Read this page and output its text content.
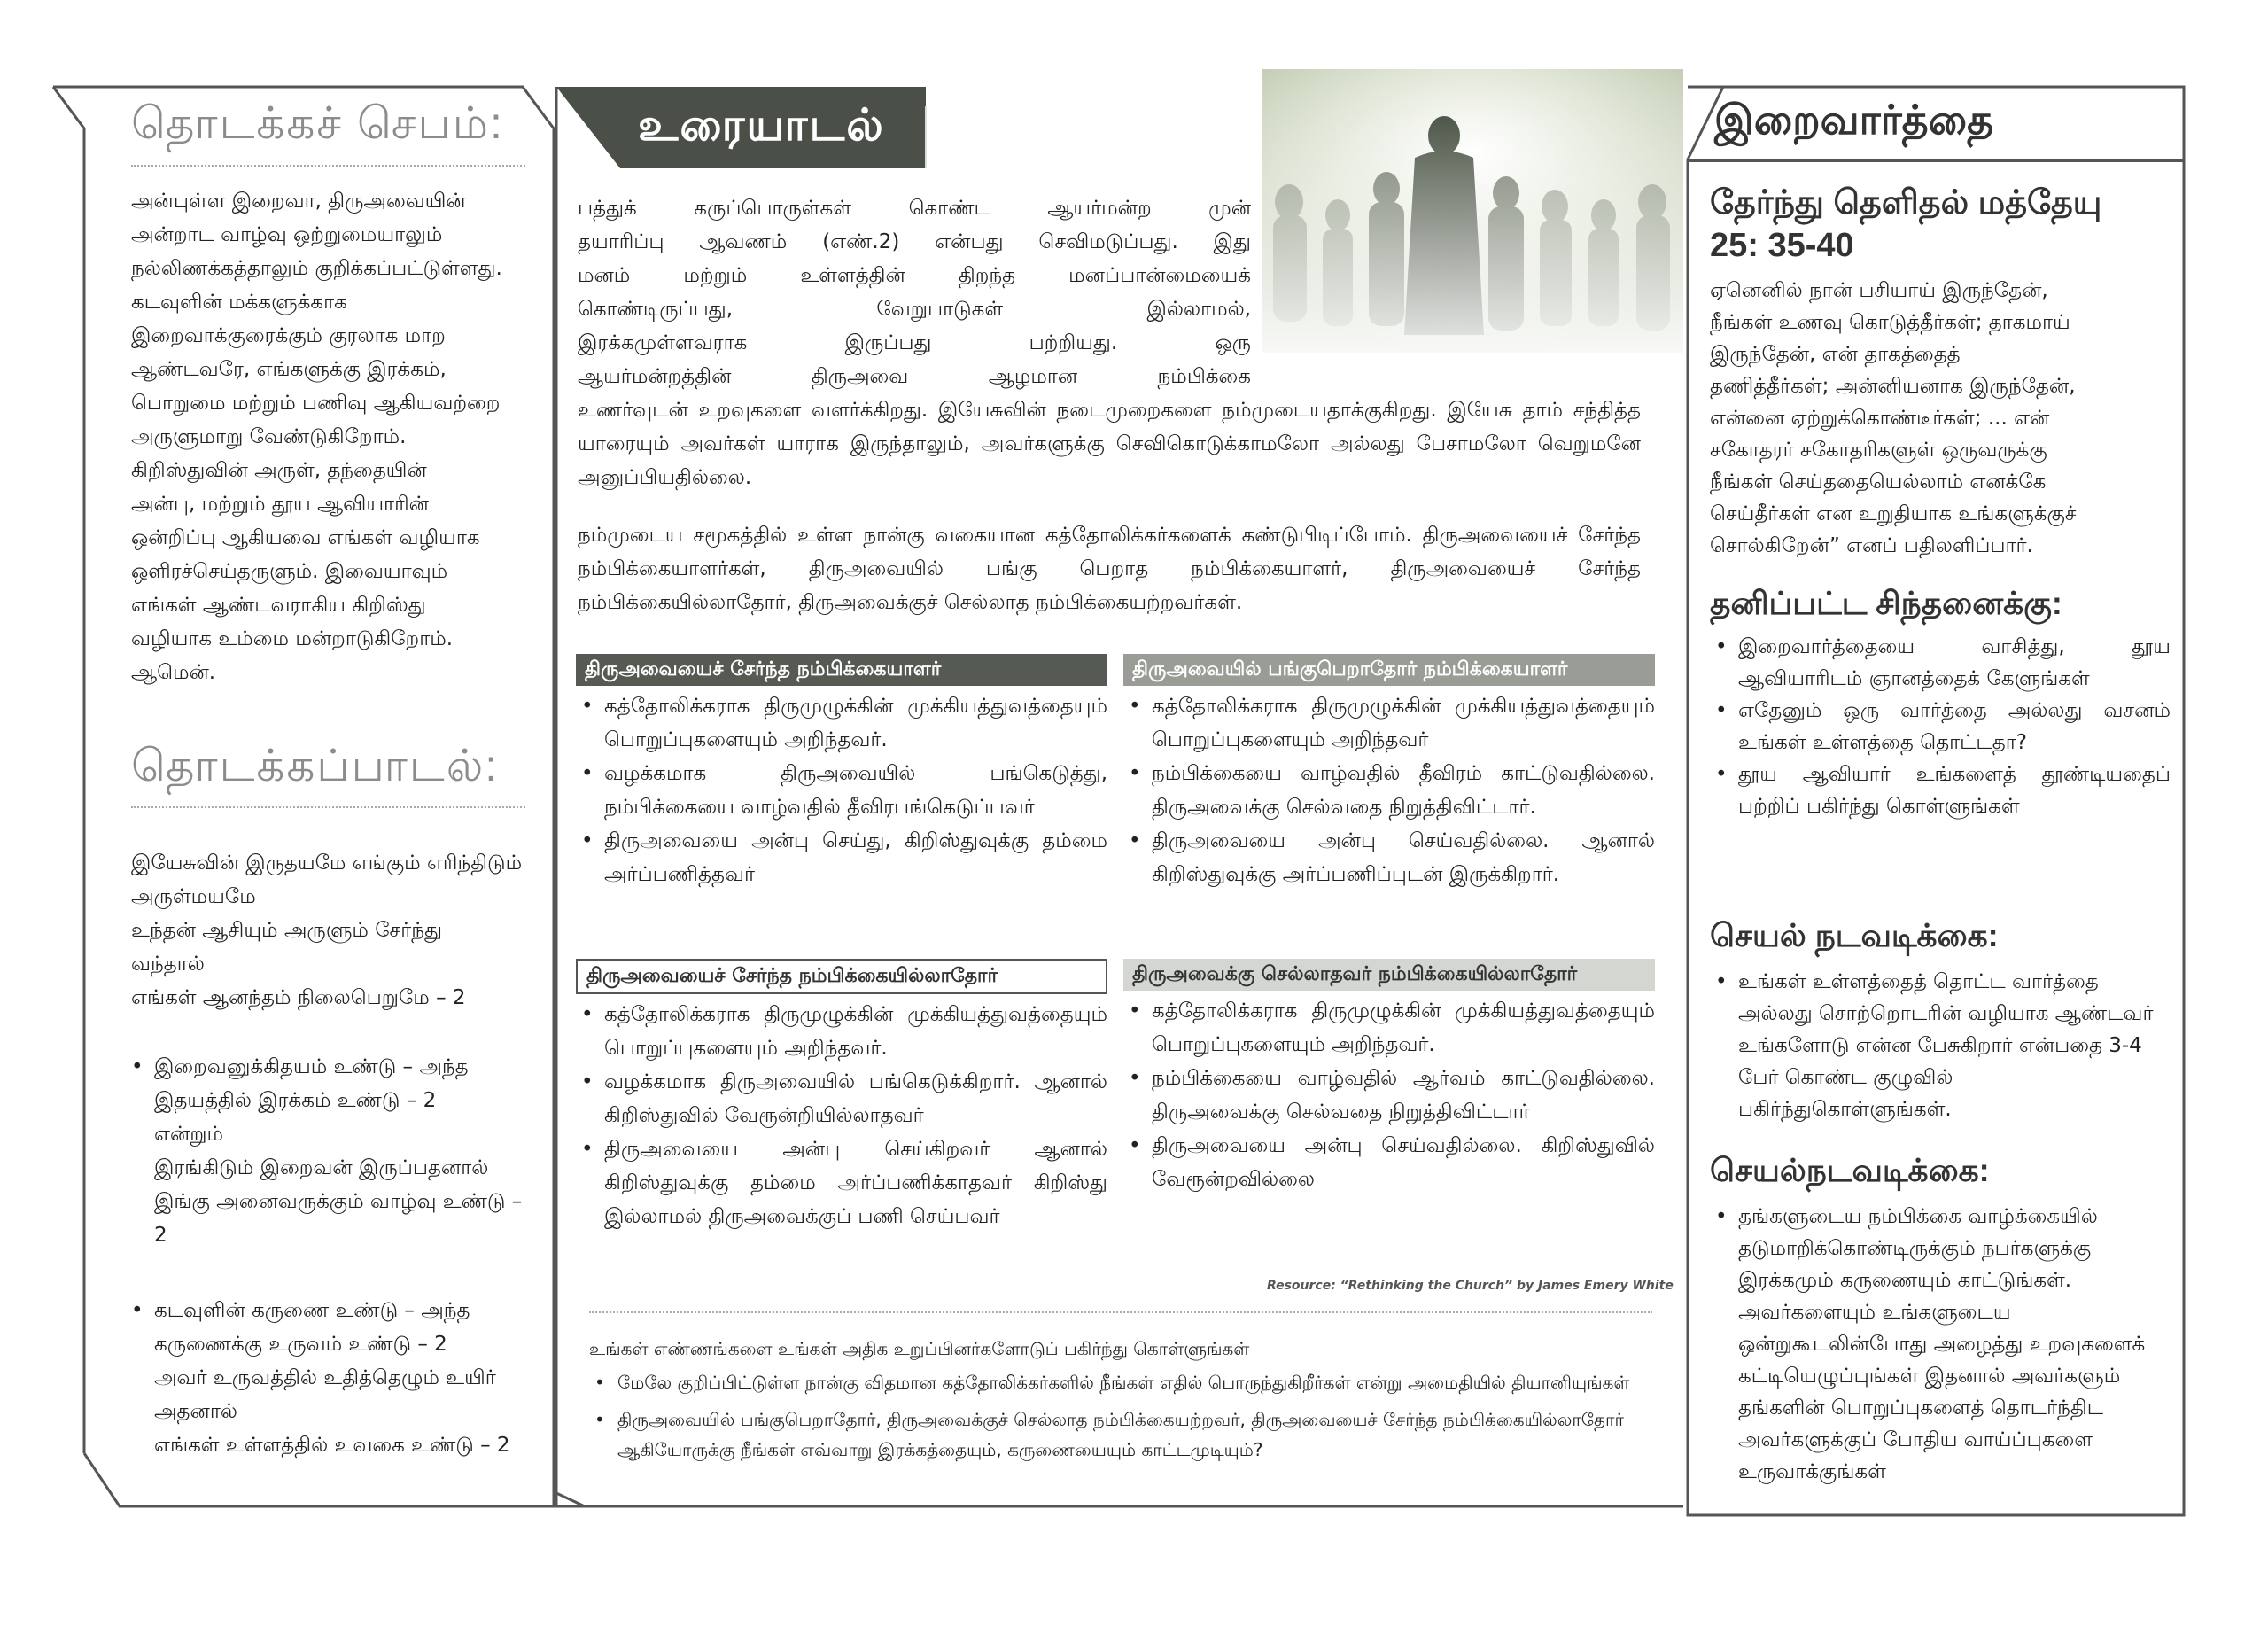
தொடக்கச் செபம்:
அன்புள்ள இறைவா, திருஅவையின்
அன்றாட வாழ்வு ஒற்றுமையாலும்
நல்லிணக்கத்தாலும் குறிக்கப்பட்டுள்ளது.
கடவுளின் மக்களுக்காக
இறைவாக்குரைக்கும் குரலாக மாற
ஆண்டவரே, எங்களுக்கு இரக்கம்,
பொறுமை மற்றும் பணிவு ஆகியவற்றை
அருளுமாறு வேண்டுகிறோம்.
கிறிஸ்துவின் அருள், தந்தையின்
அன்பு, மற்றும் தூய ஆவியாரின்
ஒன்றிப்பு ஆகியவை எங்கள் வழியாக
ஒளிரச்செய்தருளும். இவையாவும்
எங்கள் ஆண்டவராகிய கிறிஸ்து
வழியாக உம்மை மன்றாடுகிறோம்.
ஆமென்.
தொடக்கப்பாடல்:
இயேசுவின் இருதயமே எங்கும் எரிந்திடும்
அருள்மயமே
உந்தன் ஆசியும் அருளும் சேர்ந்து
வந்தால்
எங்கள் ஆனந்தம் நிலைபெறுமே – 2
• இறைவனுக்கிதயம் உண்டு – அந்த
இதயத்தில் இரக்கம் உண்டு – 2
என்றும்
இரங்கிடும் இறைவன் இருப்பதனால்
இங்கு அனைவருக்கும் வாழ்வு உண்டு –
2
• கடவுளின் கருணை உண்டு – அந்த
கருணைக்கு உருவம் உண்டு – 2
அவர் உருவத்தில் உதித்தெழும் உயிர்
அதனால்
எங்கள் உள்ளத்தில் உவகை உண்டு – 2
உரையாடல்
பத்துக் கருப்பொருள்கள் கொண்ட ஆயர்மன்ற முன்
தயாரிப்பு ஆவணம் (எண்.2) என்பது செவிமடுப்பது. இது
மனம் மற்றும் உள்ளத்தின் திறந்த மனப்பான்மையைக்
கொண்டிருப்பது, வேறுபாடுகள் இல்லாமல்,
இரக்கமுள்ளவராக இருப்பது பற்றியது. ஒரு
ஆயர்மன்றத்தின் திருஅவை ஆழமான நம்பிக்கை
உணர்வுடன் உறவுகளை வளர்க்கிறது. இயேசுவின் நடைமுறைகளை நம்முடையதாக்குகிறது. இயேசு தாம் சந்தித்த யாரையும் அவர்கள் யாராக இருந்தாலும், அவர்களுக்கு செவிகொடுக்காமலோ அல்லது பேசாமலோ வெறுமனே அனுப்பியதில்லை.
நம்முடைய சமூகத்தில் உள்ள நான்கு வகையான கத்தோலிக்கர்களைக் கண்டுபிடிப்போம். திருஅவையைச் சேர்ந்த நம்பிக்கையாளர்கள், திருஅவையில் பங்கு பெறாத நம்பிக்கையாளர், திருஅவையைச் சேர்ந்த நம்பிக்கையில்லாதோர், திருஅவைக்குச் செல்லாத நம்பிக்கையற்றவர்கள்.
திருஅவையைச் சேர்ந்த நம்பிக்கையாளர்
• கத்தோலிக்கராக திருமுழுக்கின் முக்கியத்துவத்தையும் பொறுப்புகளையும் அறிந்தவர்.
• வழக்கமாக திருஅவையில் பங்கெடுத்து, நம்பிக்கையை வாழ்வதில் தீவிரபங்கெடுப்பவர்
• திருஅவையை அன்பு செய்து, கிறிஸ்துவுக்கு தம்மை அர்ப்பணித்தவர்
திருஅவையில் பங்குபெறாதோர் நம்பிக்கையாளர்
• கத்தோலிக்கராக திருமுழுக்கின் முக்கியத்துவத்தையும் பொறுப்புகளையும் அறிந்தவர்
• நம்பிக்கையை வாழ்வதில் தீவிரம் காட்டுவதில்லை. திருஅவைக்கு செல்வதை நிறுத்திவிட்டார்.
• திருஅவையை அன்பு செய்வதில்லை. ஆனால் கிறிஸ்துவுக்கு அர்ப்பணிப்புடன் இருக்கிறார்.
திருஅவையைச் சேர்ந்த நம்பிக்கையில்லாதோர்
• கத்தோலிக்கராக திருமுழுக்கின் முக்கியத்துவத்தையும் பொறுப்புகளையும் அறிந்தவர்.
• வழக்கமாக திருஅவையில் பங்கெடுக்கிறார். ஆனால் கிறிஸ்துவில் வேரூன்றியில்லாதவர்
• திருஅவையை அன்பு செய்கிறவர் ஆனால் கிறிஸ்துவுக்கு தம்மை அர்ப்பணிக்காதவர் கிறிஸ்து இல்லாமல் திருஅவைக்குப் பணி செய்பவர்
திருஅவைக்கு செல்லாதவர் நம்பிக்கையில்லாதோர்
• கத்தோலிக்கராக திருமுழுக்கின் முக்கியத்துவத்தையும் பொறுப்புகளையும் அறிந்தவர்.
• நம்பிக்கையை வாழ்வதில் ஆர்வம் காட்டுவதில்லை. திருஅவைக்கு செல்வதை நிறுத்திவிட்டார்
• திருஅவையை அன்பு செய்வதில்லை. கிறிஸ்துவில் வேரூன்றவில்லை
Resource: “Rethinking the Church” by James Emery White
உங்கள் எண்ணங்களை உங்கள் அதிக உறுப்பினர்களோடுப் பகிர்ந்து கொள்ளுங்கள்
• மேலே குறிப்பிட்டுள்ள நான்கு விதமான கத்தோலிக்கர்களில் நீங்கள் எதில் பொருந்துகிறீர்கள் என்று அமைதியில் தியானியுங்கள்
• திருஅவையில் பங்குபெறாதோர், திருஅவைக்குச் செல்லாத நம்பிக்கையற்றவர், திருஅவையைச் சேர்ந்த நம்பிக்கையில்லாதோர் ஆகியோருக்கு நீங்கள் எவ்வாறு இரக்கத்தையும், கருணையையும் காட்டமுடியும்?
இறைவார்த்தை
தேர்ந்து தெளிதல் மத்தேயு
25: 35-40
ஏனெனில் நான் பசியாய் இருந்தேன்,
நீங்கள் உணவு கொடுத்தீர்கள்; தாகமாய்
இருந்தேன், என் தாகத்தைத்
தணித்தீர்கள்; அன்னியனாக இருந்தேன்,
என்னை ஏற்றுக்கொண்டீர்கள்; ... என்
சகோதரர் சகோதரிகளுள் ஒருவருக்கு
நீங்கள் செய்ததையெல்லாம் எனக்கே
செய்தீர்கள் என உறுதியாக உங்களுக்குச்
சொல்கிறேன்” எனப் பதிலளிப்பார்.
தனிப்பட்ட சிந்தனைக்கு:
• இறைவார்த்தையை வாசித்து, தூய ஆவியாரிடம் ஞானத்தைக் கேளுங்கள்
• எதேனும் ஒரு வார்த்தை அல்லது வசனம் உங்கள் உள்ளத்தை தொட்டதா?
• தூய ஆவியார் உங்களைத் தூண்டியதைப் பற்றிப் பகிர்ந்து கொள்ளுங்கள்
செயல் நடவடிக்கை:
• உங்கள் உள்ளத்தைத் தொட்ட வார்த்தை அல்லது சொற்றொடரின் வழியாக ஆண்டவர் உங்களோடு என்ன பேசுகிறார் என்பதை 3-4 பேர் கொண்ட குழுவில் பகிர்ந்துகொள்ளுங்கள்.
செயல்நடவடிக்கை:
• தங்களுடைய நம்பிக்கை வாழ்க்கையில் தடுமாறிக்கொண்டிருக்கும் நபர்களுக்கு இரக்கமும் கருணையும் காட்டுங்கள். அவர்களையும் உங்களுடைய ஒன்றுகூடலின்போது அழைத்து உறவுகளைக் கட்டியெழுப்புங்கள் இதனால் அவர்களும் தங்களின் பொறுப்புகளைத் தொடர்ந்திட அவர்களுக்குப் போதிய வாய்ப்புகளை உருவாக்குங்கள்
